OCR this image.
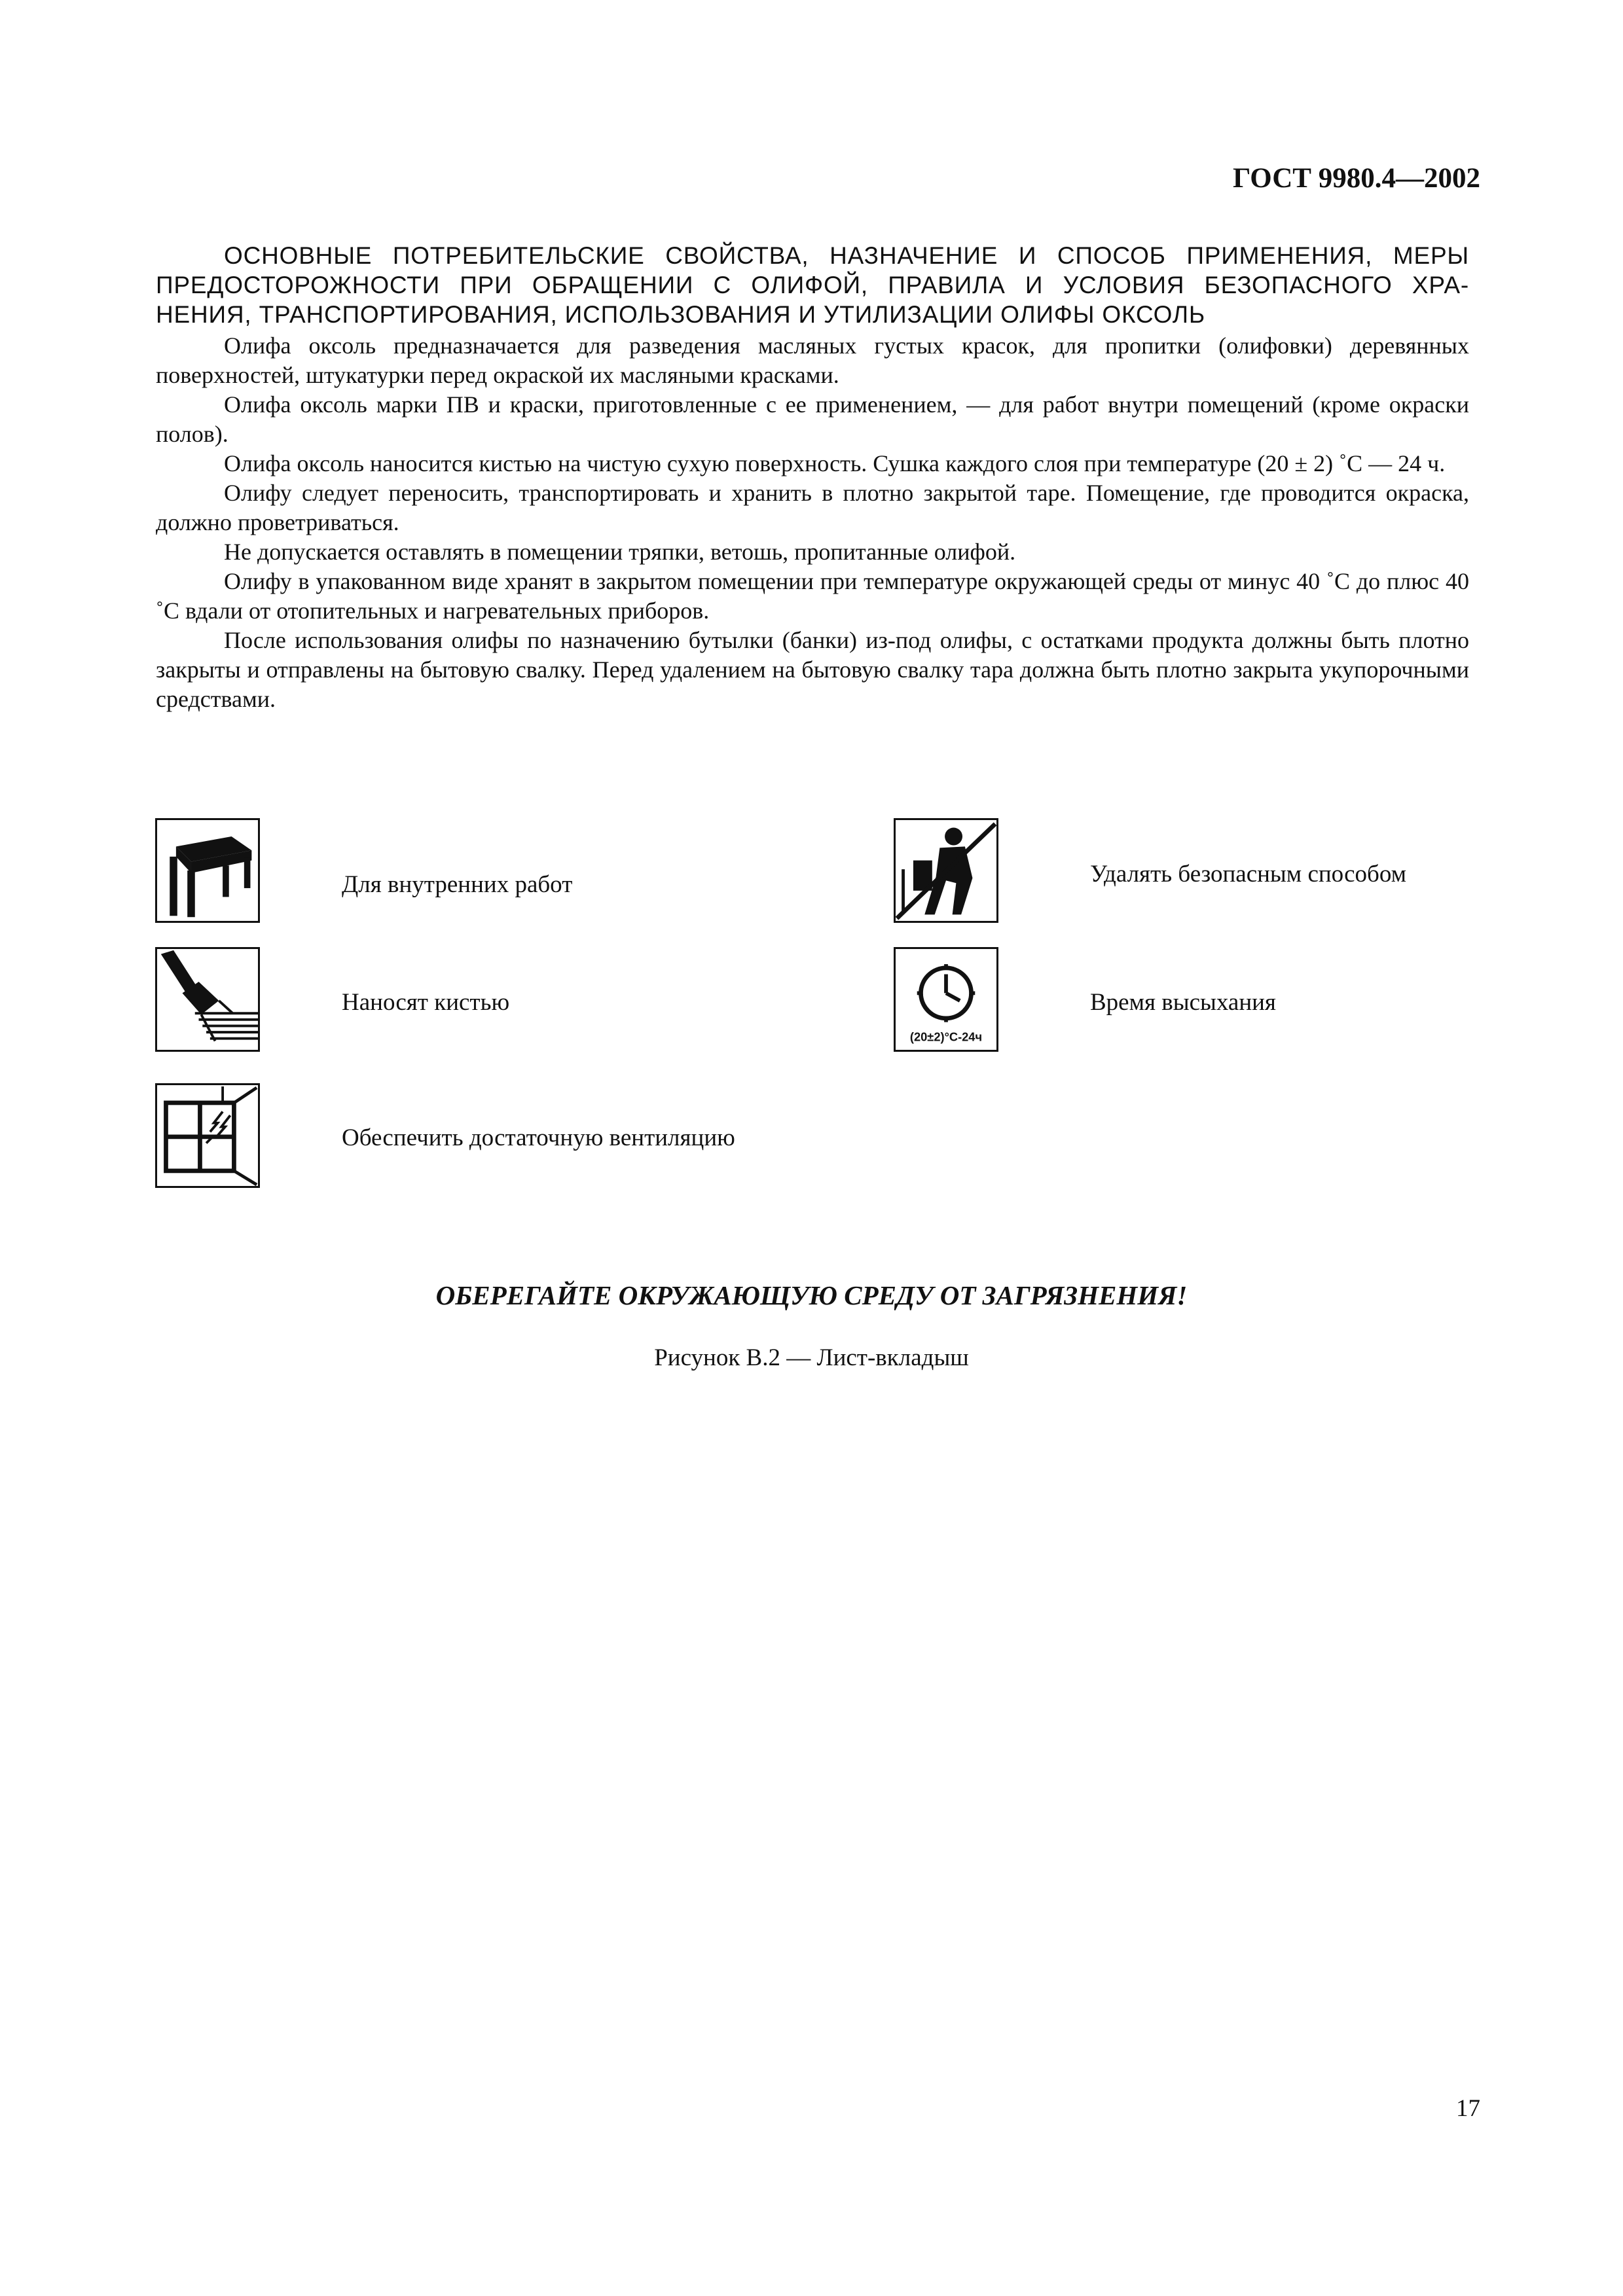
ГОСТ 9980.4—2002
ОСНОВНЫЕ ПОТРЕБИТЕЛЬСКИЕ СВОЙСТВА, НАЗНАЧЕНИЕ И СПОСОБ ПРИМЕНЕНИЯ, МЕРЫ
ПРЕДОСТОРОЖНОСТИ ПРИ ОБРАЩЕНИИ С ОЛИФОЙ, ПРАВИЛА И УСЛОВИЯ БЕЗОПАСНОГО ХРА-
НЕНИЯ, ТРАНСПОРТИРОВАНИЯ, ИСПОЛЬЗОВАНИЯ И УТИЛИЗАЦИИ ОЛИФЫ ОКСОЛЬ

Олифа оксоль предназначается для разведения масляных густых красок, для пропитки (олифовки) деревянных поверхностей, штукатурки перед окраской их масляными красками.

Олифа оксоль марки ПВ и краски, приготовленные с ее применением, — для работ внутри помещений (кроме окраски полов).

Олифа оксоль наносится кистью на чистую сухую поверхность. Сушка каждого слоя при температуре (20 ± 2) ˚С — 24 ч.

Олифу следует переносить, транспортировать и хранить в плотно закрытой таре. Помещение, где проводится окраска, должно проветриваться.

Не допускается оставлять в помещении тряпки, ветошь, пропитанные олифой.

Олифу в упакованном виде хранят в закрытом помещении при температуре окружающей среды от минус 40 ˚С до плюс 40 ˚С вдали от отопительных и нагревательных приборов.

После использования олифы по назначению бутылки (банки) из-под олифы, с остатками продукта должны быть плотно закрыты и отправлены на бытовую свалку. Перед удалением на бытовую свалку тара должна быть плотно закрыта укупорочными средствами.

Для внутренних работ
Наносят кистью
Обеспечить достаточную вентиляцию
Удалять безопасным способом
(20±2)°С-24ч
Время высыхания
ОБЕРЕГАЙТЕ ОКРУЖАЮЩУЮ СРЕДУ ОТ ЗАГРЯЗНЕНИЯ!
Рисунок В.2 — Лист-вкладыш
17
